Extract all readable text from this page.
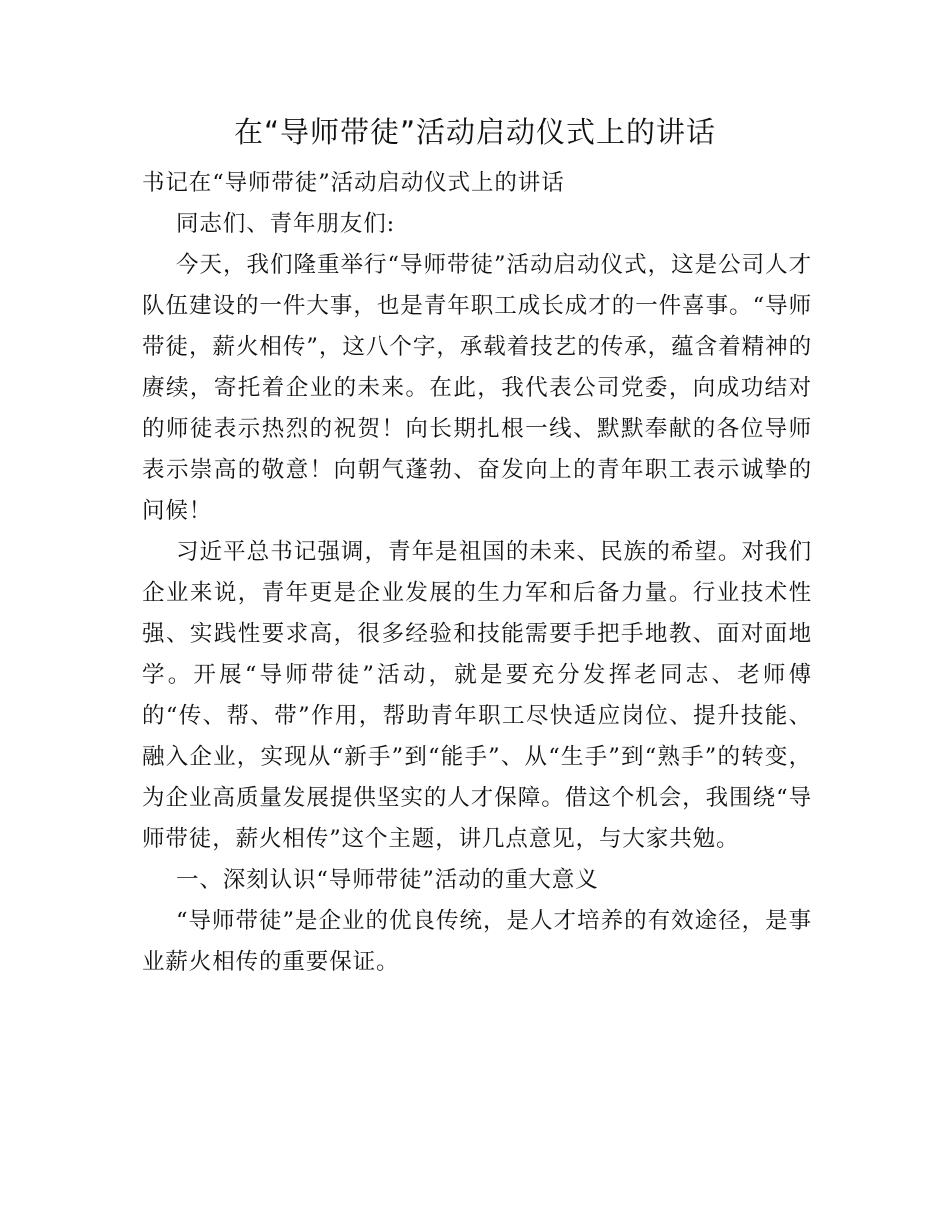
在“导师带徒”活动启动仪式上的讲话

书记在“导师带徒”活动启动仪式上的讲话

同志们、青年朋友们:

今天，我们隆重举行“导师带徒”活动启动仪式，这是公司人才队伍建设的一件大事，也是青年职工成长成才的一件喜事。“导师带徒，薪火相传”，这八个字，承载着技艺的传承，蕴含着精神的赓续，寄托着企业的未来。在此，我代表公司党委，向成功结对的师徒表示热烈的祝贺！向长期扎根一线、默默奉献的各位导师表示崇高的敬意！向朝气蓬勃、奋发向上的青年职工表示诚挚的问候！

习近平总书记强调，青年是祖国的未来、民族的希望。对我们企业来说，青年更是企业发展的生力军和后备力量。行业技术性强、实践性要求高，很多经验和技能需要手把手地教、面对面地学。开展“导师带徒”活动，就是要充分发挥老同志、老师傅的“传、帮、带”作用，帮助青年职工尽快适应岗位、提升技能、融入企业，实现从“新手”到“能手”、从“生手”到“熟手”的转变，为企业高质量发展提供坚实的人才保障。借这个机会，我围绕“导师带徒，薪火相传”这个主题，讲几点意见，与大家共勉。

一、深刻认识“导师带徒”活动的重大意义

“导师带徒”是企业的优良传统，是人才培养的有效途径，是事业薪火相传的重要保证。
